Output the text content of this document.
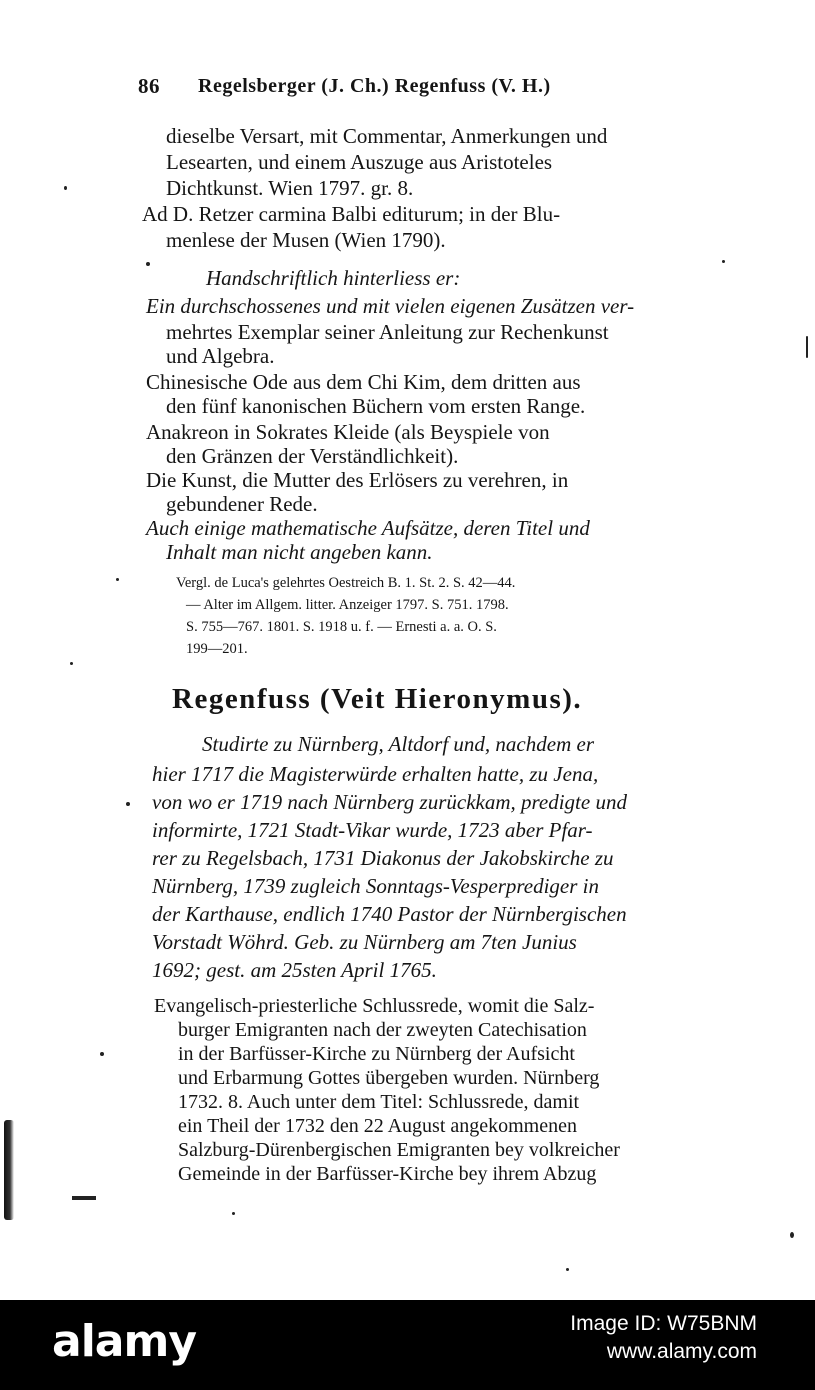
86 Regelsberger (J. Ch.) Regenfuss (V. H.)
dieselbe Versart, mit Commentar, Anmerkungen und
Lesearten, und einem Auszuge aus Aristoteles
Dichtkunst. Wien 1797. gr. 8.
Ad D. Retzer carmina Balbi editurum; in der Blu-
menlese der Musen (Wien 1790).
Handschriftlich hinterliess er:
Ein durchschossenes und mit vielen eigenen Zusätzen ver-
mehrtes Exemplar seiner Anleitung zur Rechenkunst
und Algebra.
Chinesische Ode aus dem Chi Kim, dem dritten aus
den fünf kanonischen Büchern vom ersten Range.
Anakreon in Sokrates Kleide (als Beyspiele von
den Gränzen der Verständlichkeit).
Die Kunst, die Mutter des Erlösers zu verehren, in
gebundener Rede.
Auch einige mathematische Aufsätze, deren Titel und
Inhalt man nicht angeben kann.
Vergl. de Luca's gelehrtes Oestreich B. 1. St. 2. S. 42—44.
— Alter im Allgem. litter. Anzeiger 1797. S. 751. 1798.
S. 755—767. 1801. S. 1918 u. f. — Ernesti a. a. O. S.
199—201.
Regenfuss (Veit Hieronymus).
Studirte zu Nürnberg, Altdorf und, nachdem er
hier 1717 die Magisterwürde erhalten hatte, zu Jena,
von wo er 1719 nach Nürnberg zurückkam, predigte und
informirte, 1721 Stadt-Vikar wurde, 1723 aber Pfar-
rer zu Regelsbach, 1731 Diakonus der Jakobskirche zu
Nürnberg, 1739 zugleich Sonntags-Vesperprediger in
der Karthause, endlich 1740 Pastor der Nürnbergischen
Vorstadt Wöhrd. Geb. zu Nürnberg am 7ten Junius
1692; gest. am 25sten April 1765.
Evangelisch-priesterliche Schlussrede, womit die Salz-
burger Emigranten nach der zweyten Catechisation
in der Barfüsser-Kirche zu Nürnberg der Aufsicht
und Erbarmung Gottes übergeben wurden. Nürnberg
1732. 8. Auch unter dem Titel: Schlussrede, damit
ein Theil der 1732 den 22 August angekommenen
Salzburg-Dürenbergischen Emigranten bey volkreicher
Gemeinde in der Barfüsser-Kirche bey ihrem Abzug
alamy	Image ID: W75BNM
www.alamy.com
